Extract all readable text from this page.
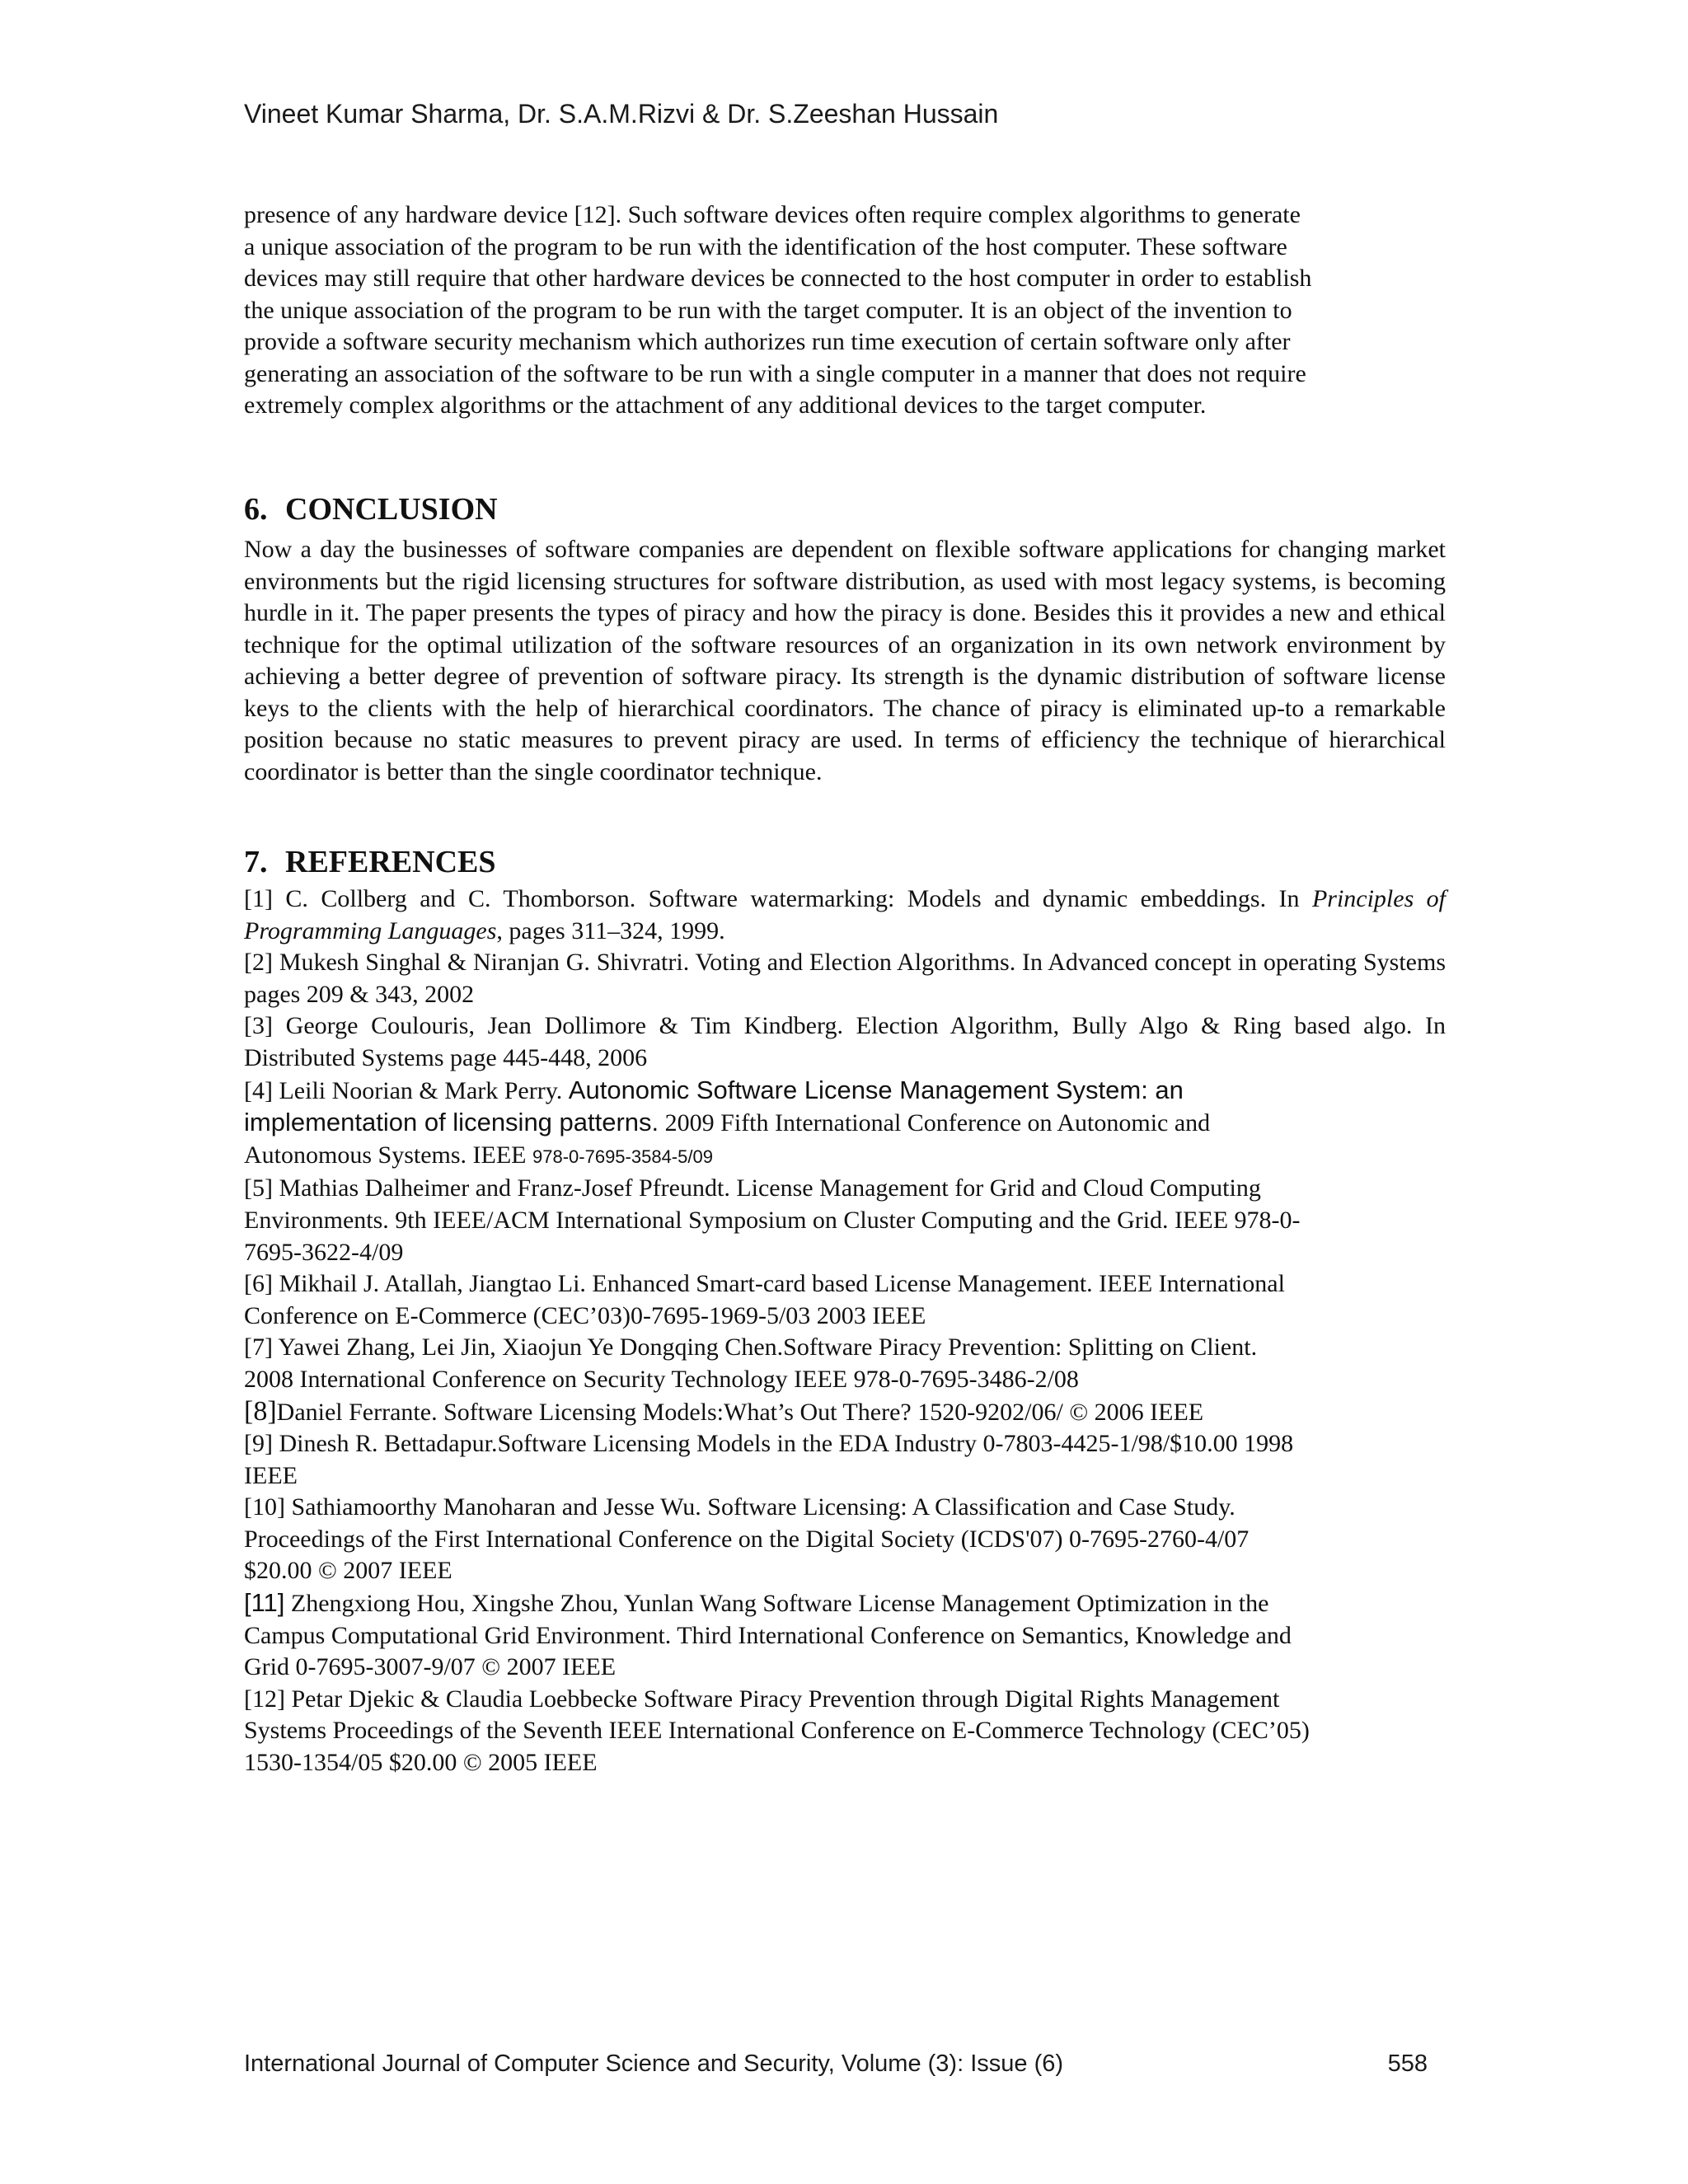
Vineet Kumar Sharma, Dr. S.A.M.Rizvi & Dr. S.Zeeshan Hussain
presence of any hardware device [12]. Such software devices often require complex algorithms to generate
a unique association of the program to be run with the identification of the host computer. These software
devices may still require that other hardware devices be connected to the host computer in order to establish
the unique association of the program to be run with the target computer. It is an object of the invention to
provide a software security mechanism which authorizes run time execution of certain software only after
generating an association of the software to be run with a single computer in a manner that does not require
extremely complex algorithms or the attachment of any additional devices to the target computer.
6. CONCLUSION
Now a day the businesses of software companies are dependent on flexible software applications for changing market environments but the rigid licensing structures for software distribution, as used with most legacy systems, is becoming hurdle in it. The paper presents the types of piracy and how the piracy is done. Besides this it provides a new and ethical technique for the optimal utilization of the software resources of an organization in its own network environment by achieving a better degree of prevention of software piracy. Its strength is the dynamic distribution of software license keys to the clients with the help of hierarchical coordinators. The chance of piracy is eliminated up-to a remarkable position because no static measures to prevent piracy are used. In terms of efficiency the technique of hierarchical coordinator is better than the single coordinator technique.
7. REFERENCES
[1] C. Collberg and C. Thomborson. Software watermarking: Models and dynamic embeddings. In Principles of Programming Languages, pages 311–324, 1999.
[2] Mukesh Singhal & Niranjan G. Shivratri. Voting and Election Algorithms. In Advanced concept in operating Systems pages 209 & 343, 2002
[3] George Coulouris, Jean Dollimore & Tim Kindberg. Election Algorithm, Bully Algo & Ring based algo. In Distributed Systems page 445-448, 2006
[4] Leili Noorian & Mark Perry. Autonomic Software License Management System: an
implementation of licensing patterns. 2009 Fifth International Conference on Autonomic and
Autonomous Systems. IEEE 978-0-7695-3584-5/09
[5] Mathias Dalheimer and Franz-Josef Pfreundt. License Management for Grid and Cloud Computing
Environments. 9th IEEE/ACM International Symposium on Cluster Computing and the Grid. IEEE 978-0-
7695-3622-4/09
[6] Mikhail J. Atallah, Jiangtao Li. Enhanced Smart-card based License Management. IEEE International
Conference on E-Commerce (CEC’03)0-7695-1969-5/03 2003 IEEE
[7] Yawei Zhang, Lei Jin, Xiaojun Ye Dongqing Chen.Software Piracy Prevention: Splitting on Client.
2008 International Conference on Security Technology IEEE 978-0-7695-3486-2/08
[8]Daniel Ferrante. Software Licensing Models:What’s Out There? 1520-9202/06/ © 2006 IEEE
[9] Dinesh R. Bettadapur.Software Licensing Models in the EDA Industry 0-7803-4425-1/98/$10.00 1998
IEEE
[10] Sathiamoorthy Manoharan and Jesse Wu. Software Licensing: A Classification and Case Study.
Proceedings of the First International Conference on the Digital Society (ICDS'07) 0-7695-2760-4/07
$20.00 © 2007 IEEE
[11] Zhengxiong Hou, Xingshe Zhou, Yunlan Wang Software License Management Optimization in the
Campus Computational Grid Environment. Third International Conference on Semantics, Knowledge and
Grid 0-7695-3007-9/07 © 2007 IEEE
[12] Petar Djekic & Claudia Loebbecke Software Piracy Prevention through Digital Rights Management
Systems Proceedings of the Seventh IEEE International Conference on E-Commerce Technology (CEC’05)
1530-1354/05 $20.00 © 2005 IEEE
International Journal of Computer Science and Security, Volume (3): Issue (6)	558
